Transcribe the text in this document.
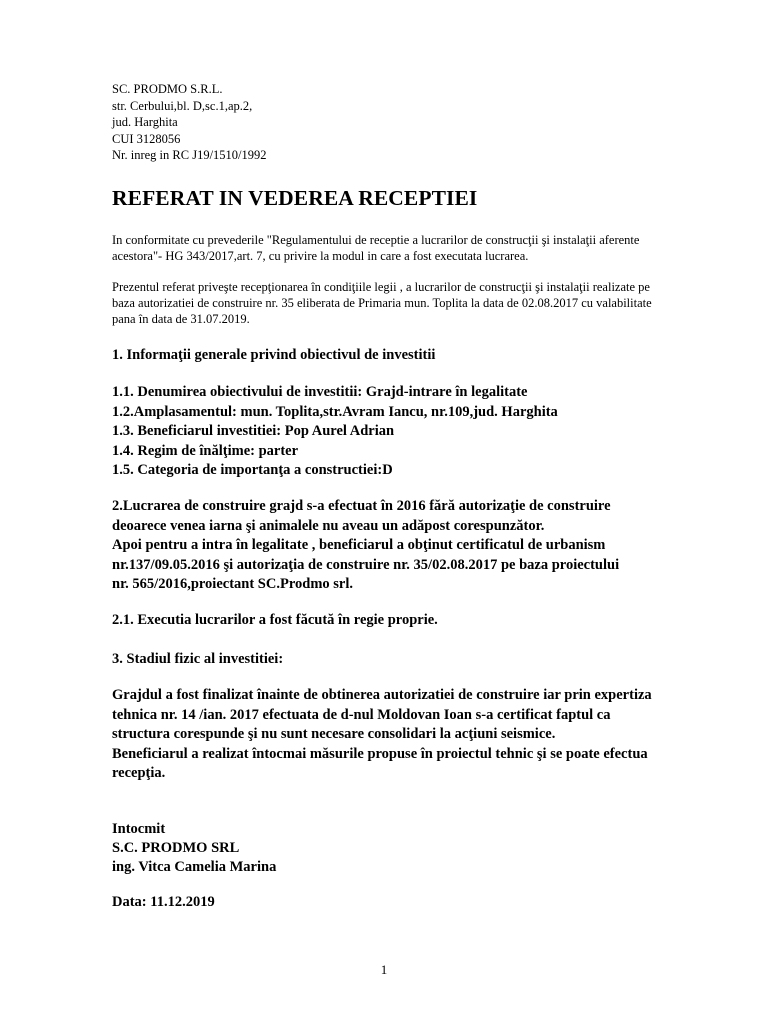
SC. PRODMO S.R.L.
str. Cerbului,bl. D,sc.1,ap.2,
jud. Harghita
CUI 3128056
Nr. inreg in RC J19/1510/1992
REFERAT IN VEDEREA RECEPTIEI
In conformitate cu prevederile "Regulamentului de receptie a lucrarilor de construcţii şi instalaţii aferente
acestora"- HG 343/2017,art. 7, cu privire la modul in care a fost executata lucrarea.
Prezentul referat priveşte recepţionarea în condiţiile legii , a lucrarilor de construcţii şi instalaţii realizate pe
baza autorizatiei de construire nr. 35 eliberata de Primaria mun. Toplita la data de 02.08.2017 cu valabilitate
pana în data de 31.07.2019.
1. Informaţii generale privind obiectivul de investitii
1.1. Denumirea obiectivului de investitii: Grajd-intrare în legalitate
1.2.Amplasamentul: mun. Toplita,str.Avram Iancu, nr.109,jud. Harghita
1.3. Beneficiarul investitiei: Pop Aurel Adrian
1.4. Regim de înălţime: parter
1.5. Categoria de importanţa a constructiei:D
2.Lucrarea de construire grajd s-a efectuat în 2016 fără autorizaţie de construire
deoarece venea iarna şi animalele nu aveau un adăpost corespunzător.
Apoi pentru a intra în legalitate , beneficiarul a obţinut certificatul de urbanism
nr.137/09.05.2016 şi autorizaţia de construire nr. 35/02.08.2017 pe baza proiectului
nr. 565/2016,proiectant SC.Prodmo srl.
2.1. Executia lucrarilor a fost făcută în regie proprie.
3. Stadiul fizic al investitiei:
Grajdul a fost finalizat înainte de obtinerea autorizatiei de construire iar prin expertiza
tehnica nr. 14 /ian. 2017 efectuata de d-nul Moldovan Ioan s-a certificat faptul ca
structura corespunde şi nu sunt necesare consolidari la acţiuni seismice.
Beneficiarul a realizat întocmai măsurile propuse în proiectul tehnic şi se poate efectua
recepţia.
Intocmit
S.C. PRODMO SRL
ing. Vitca Camelia Marina
Data: 11.12.2019
1
